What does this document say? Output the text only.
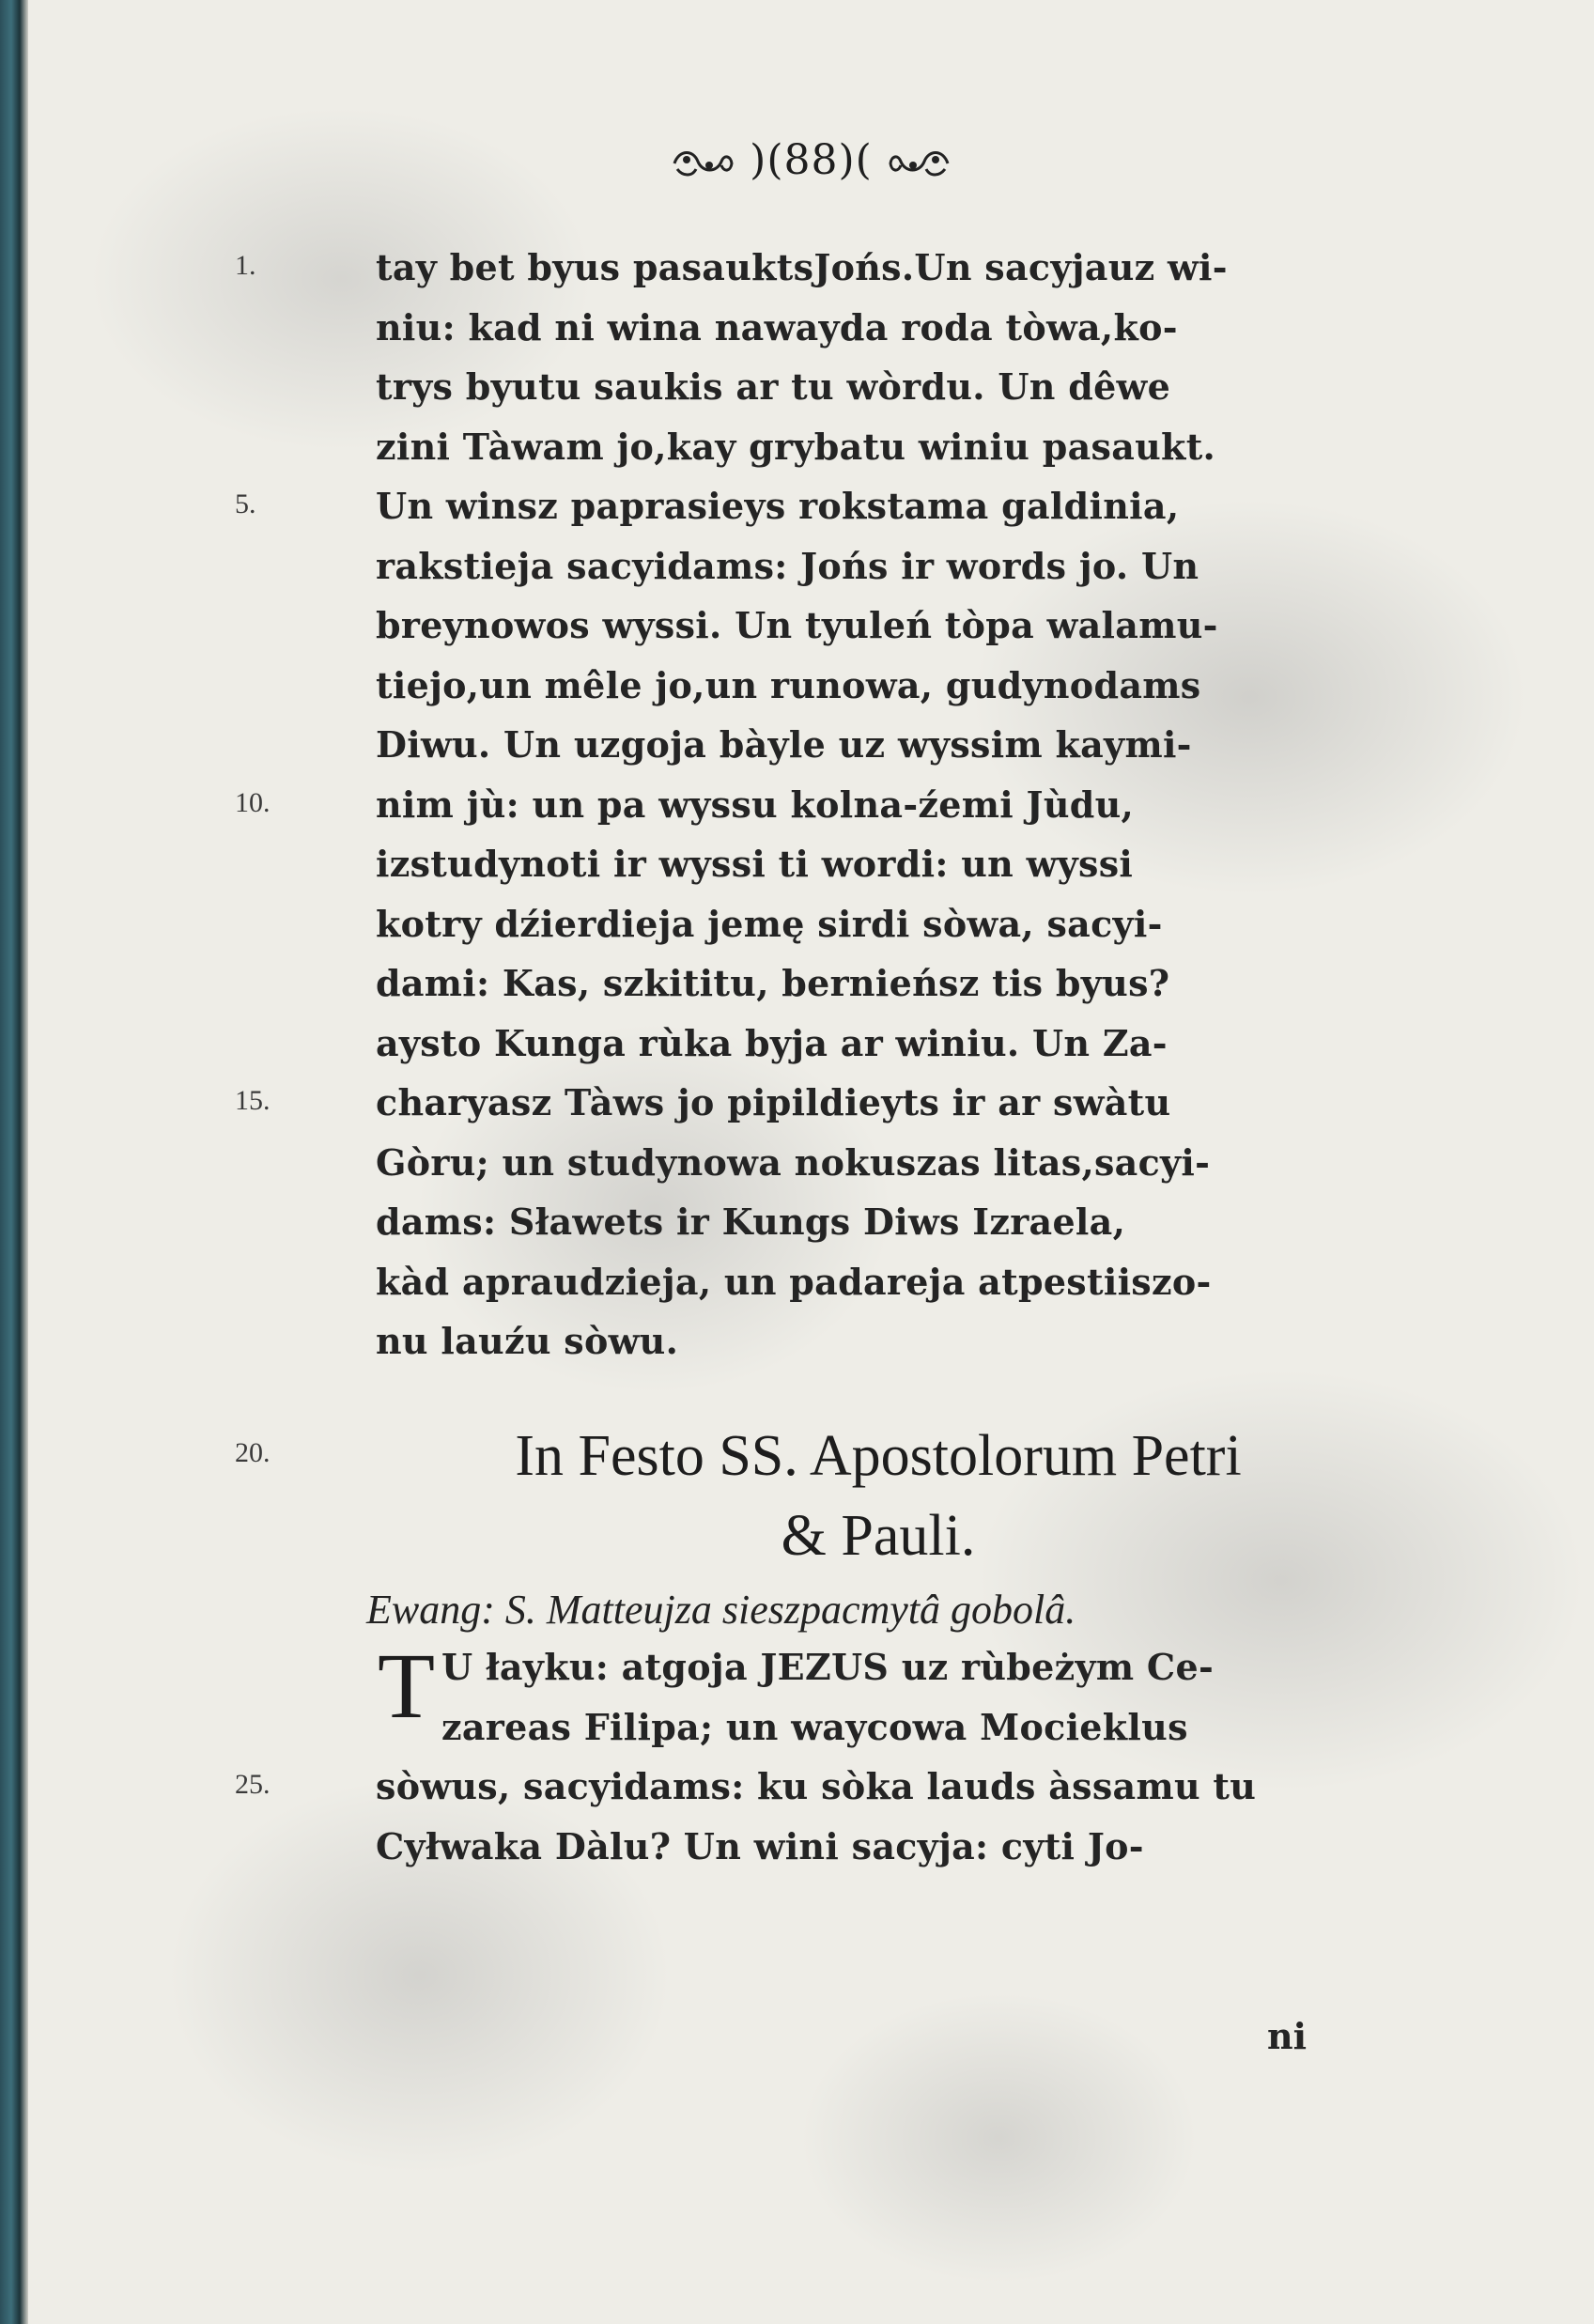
)(88)(
20.	In Festo SS. Apostolorum Petri
& Pauli.
Ewang: S. Matteujza sieszpacmytâ gobolâ.
T
ni
1.	tay bet byus pasauktsJońs.Un sacyjauz wi-
niu: kad ni wina nawayda roda tòwa,ko-
trys byutu saukis ar tu wòrdu. Un dêwe
zini Tàwam jo,kay grybatu winiu pasaukt.
5.	Un winsz paprasieys rokstama galdinia,
rakstieja sacyidams: Jońs ir words jo. Un
breynowos wyssi. Un tyuleń tòpa walamu-
tiejo,un mêle jo,un runowa, gudynodams
Diwu. Un uzgoja bàyle uz wyssim kaymi-
10.	nim jù: un pa wyssu kolna-źemi Jùdu,
izstudynoti ir wyssi ti wordi: un wyssi
kotry dźierdieja jemę sirdi sòwa, sacyi-
dami: Kas, szkititu, bernieńsz tis byus?
aysto Kunga rùka byja ar winiu. Un Za-
15.	charyasz Tàws jo pipildieyts ir ar swàtu
Gòru; un studynowa nokuszas litas,sacyi-
dams: Sławets ir Kungs Diws Izraela,
kàd apraudzieja, un padareja atpestiiszo-
nu lauźu sòwu.
U łayku: atgoja JEZUS uz rùbeżym Ce-
zareas Filipa; un waycowa Mocieklus
25.	sòwus, sacyidams: ku sòka lauds àssamu tu
Cyłwaka Dàlu? Un wini sacyja: cyti Jo-
